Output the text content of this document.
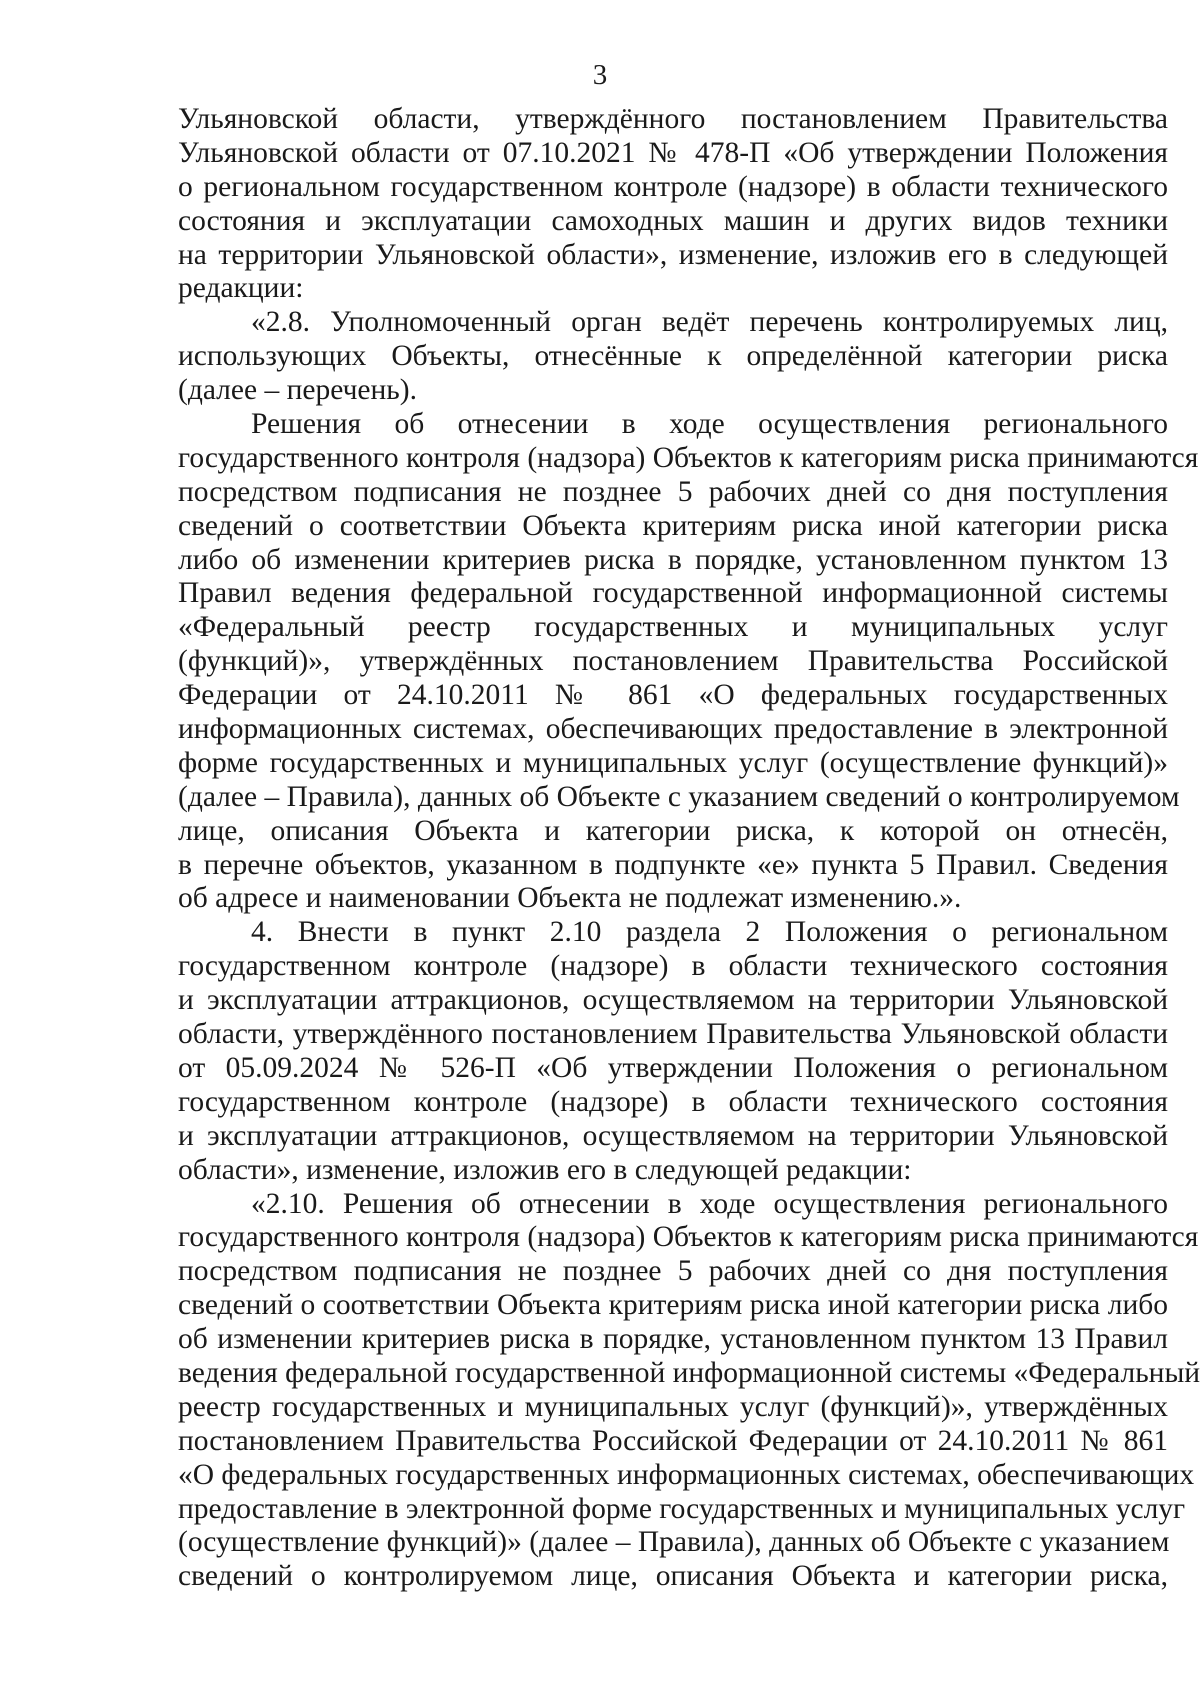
3
Ульяновской области, утверждённого постановлением Правительства
Ульяновской области от 07.10.2021 № 478-П «Об утверждении Положения
о региональном государственном контроле (надзоре) в области технического
состояния и эксплуатации самоходных машин и других видов техники
на территории Ульяновской области», изменение, изложив его в следующей
редакции:
«2.8. Уполномоченный орган ведёт перечень контролируемых лиц,
использующих Объекты, отнесённые к определённой категории риска
(далее – перечень).
Решения об отнесении в ходе осуществления регионального
государственного контроля (надзора) Объектов к категориям риска принимаются
посредством подписания не позднее 5 рабочих дней со дня поступления
сведений о соответствии Объекта критериям риска иной категории риска
либо об изменении критериев риска в порядке, установленном пунктом 13
Правил ведения федеральной государственной информационной системы
«Федеральный реестр государственных и муниципальных услуг
(функций)», утверждённых постановлением Правительства Российской
Федерации от 24.10.2011 № 861 «О федеральных государственных
информационных системах, обеспечивающих предоставление в электронной
форме государственных и муниципальных услуг (осуществление функций)»
(далее – Правила), данных об Объекте с указанием сведений о контролируемом
лице, описания Объекта и категории риска, к которой он отнесён,
в перечне объектов, указанном в подпункте «е» пункта 5 Правил. Сведения
об адресе и наименовании Объекта не подлежат изменению.».
4. Внести в пункт 2.10 раздела 2 Положения о региональном
государственном контроле (надзоре) в области технического состояния
и эксплуатации аттракционов, осуществляемом на территории Ульяновской
области, утверждённого постановлением Правительства Ульяновской области
от 05.09.2024 № 526-П «Об утверждении Положения о региональном
государственном контроле (надзоре) в области технического состояния
и эксплуатации аттракционов, осуществляемом на территории Ульяновской
области», изменение, изложив его в следующей редакции:
«2.10. Решения об отнесении в ходе осуществления регионального
государственного контроля (надзора) Объектов к категориям риска принимаются
посредством подписания не позднее 5 рабочих дней со дня поступления
сведений о соответствии Объекта критериям риска иной категории риска либо
об изменении критериев риска в порядке, установленном пунктом 13 Правил
ведения федеральной государственной информационной системы «Федеральный
реестр государственных и муниципальных услуг (функций)», утверждённых
постановлением Правительства Российской Федерации от 24.10.2011 № 861
«О федеральных государственных информационных системах, обеспечивающих
предоставление в электронной форме государственных и муниципальных услуг
(осуществление функций)» (далее – Правила), данных об Объекте с указанием
сведений о контролируемом лице, описания Объекта и категории риска,
